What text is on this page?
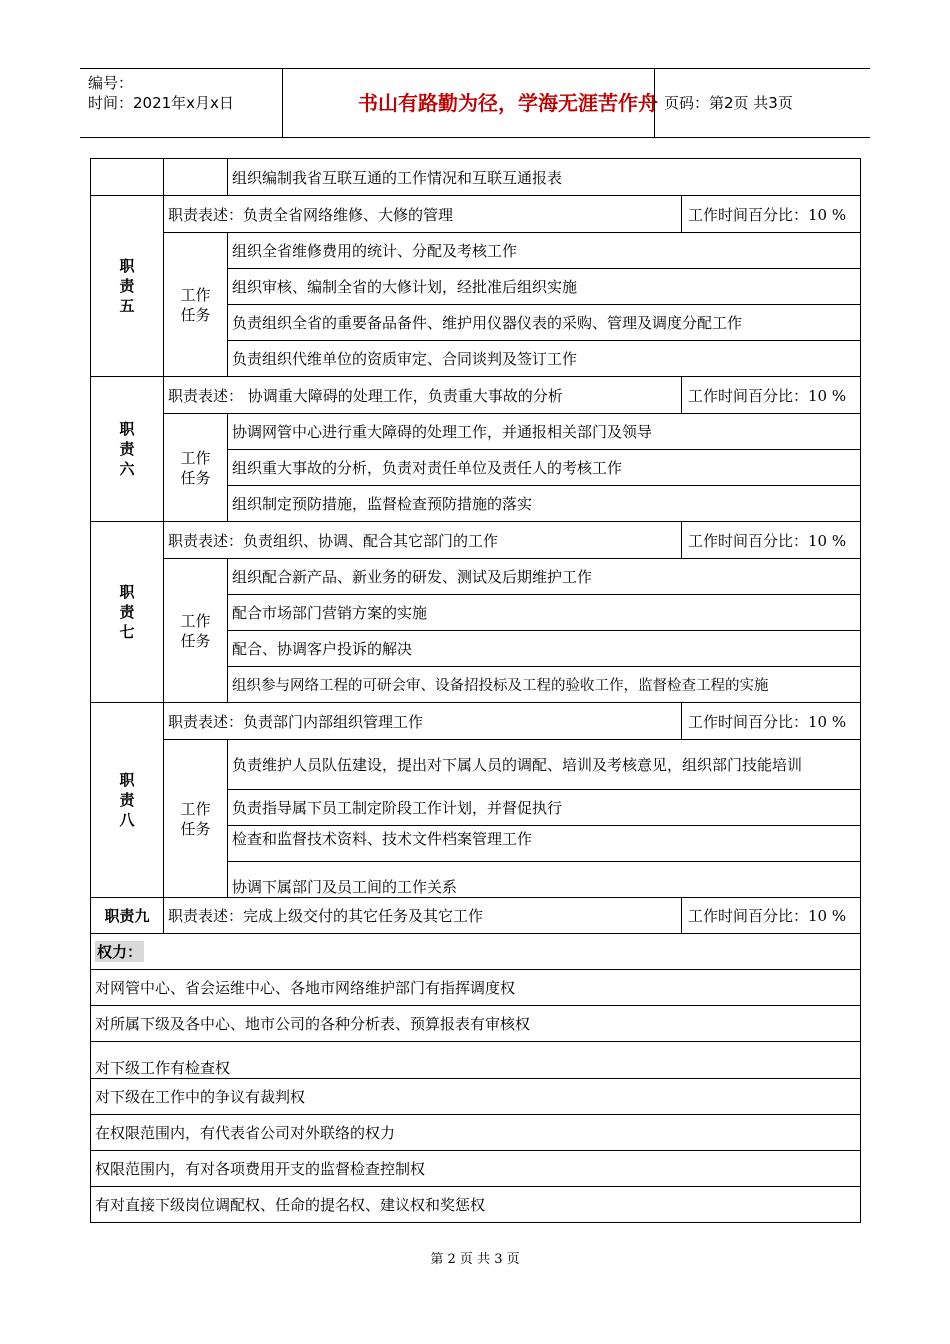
编号：
时间：2021年x月x日	书山有路勤为径，学海无涯苦作舟 页码：第2页 共3页
组织编制我省互联互通的工作情况和互联互通报表
职
责
五
职责表述：负责全省网络维修、大修的管理	工作时间百分比：10 %
工作
任务
组织全省维修费用的统计、分配及考核工作
组织审核、编制全省的大修计划，经批准后组织实施
负责组织全省的重要备品备件、维护用仪器仪表的采购、管理及调度分配工作
负责组织代维单位的资质审定、合同谈判及签订工作
职
责
六
职责表述： 协调重大障碍的处理工作，负责重大事故的分析	工作时间百分比：10 %
工作
任务
协调网管中心进行重大障碍的处理工作，并通报相关部门及领导
组织重大事故的分析，负责对责任单位及责任人的考核工作
组织制定预防措施，监督检查预防措施的落实
职
责
七
职责表述：负责组织、协调、配合其它部门的工作	工作时间百分比：10 %
工作
任务
组织配合新产品、新业务的研发、测试及后期维护工作
配合市场部门营销方案的实施
配合、协调客户投诉的解决
组织参与网络工程的可研会审、设备招投标及工程的验收工作，监督检查工程的实施
职
责
八
职责表述：负责部门内部组织管理工作	工作时间百分比：10 %
工作
任务
负责维护人员队伍建设，提出对下属人员的调配、培训及考核意见，组织部门技能培训
负责指导属下员工制定阶段工作计划，并督促执行
检查和监督技术资料、技术文件档案管理工作
协调下属部门及员工间的工作关系
职责九	职责表述：完成上级交付的其它任务及其它工作	工作时间百分比：10 %
权力：
对网管中心、省会运维中心、各地市网络维护部门有指挥调度权
对所属下级及各中心、地市公司的各种分析表、预算报表有审核权
对下级工作有检查权
对下级在工作中的争议有裁判权
在权限范围内，有代表省公司对外联络的权力
权限范围内，有对各项费用开支的监督检查控制权
有对直接下级岗位调配权、任命的提名权、建议权和奖惩权
第 2 页 共 3 页
